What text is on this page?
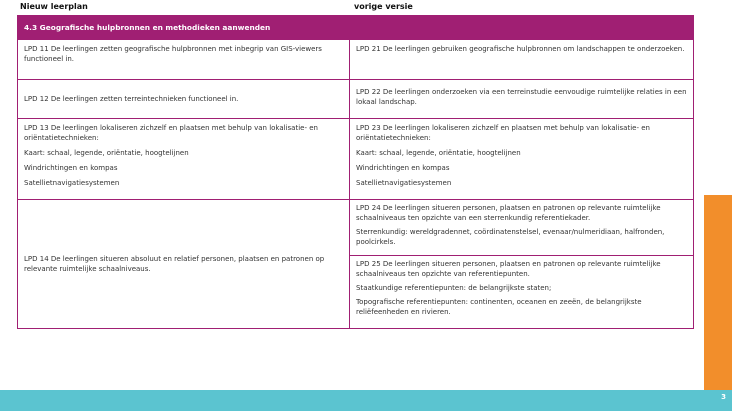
Nieuw leerplan	vorige versie
4.3 Geografische hulpbronnen en methodieken aanwenden

LPD 11 De leerlingen zetten geografische hulpbronnen met inbegrip van GIS-viewers functioneel in.

LPD 21 De leerlingen gebruiken geografische hulpbronnen om landschappen te onderzoeken.

LPD 12 De leerlingen zetten terreintechnieken functioneel in.

LPD 22 De leerlingen onderzoeken via een terreinstudie eenvoudige ruimtelijke relaties in een lokaal landschap.

LPD 13 De leerlingen lokaliseren zichzelf en plaatsen met behulp van lokalisatie- en oriëntatietechnieken:

Kaart: schaal, legende, oriëntatie, hoogtelijnen

Windrichtingen en kompas

Satellietnavigatiesystemen

LPD 23 De leerlingen lokaliseren zichzelf en plaatsen met behulp van lokalisatie- en oriëntatietechnieken:

Kaart: schaal, legende, oriëntatie, hoogtelijnen

Windrichtingen en kompas

Satellietnavigatiesystemen

LPD 14 De leerlingen situeren absoluut en relatief personen, plaatsen en patronen op relevante ruimtelijke schaalniveaus.

LPD 24 De leerlingen situeren personen, plaatsen en patronen op relevante ruimtelijke schaalniveaus ten opzichte van een sterrenkundig referentiekader.

Sterrenkundig: wereldgradennet, coördinatenstelsel, evenaar/nulmeridiaan, halfronden, poolcirkels.

LPD 25 De leerlingen situeren personen, plaatsen en patronen op relevante ruimtelijke schaalniveaus ten opzichte van referentiepunten.

Staatkundige referentiepunten: de belangrijkste staten;

Topografische referentiepunten: continenten, oceanen en zeeën, de belangrijkste reliëfeenheden en rivieren.

3
